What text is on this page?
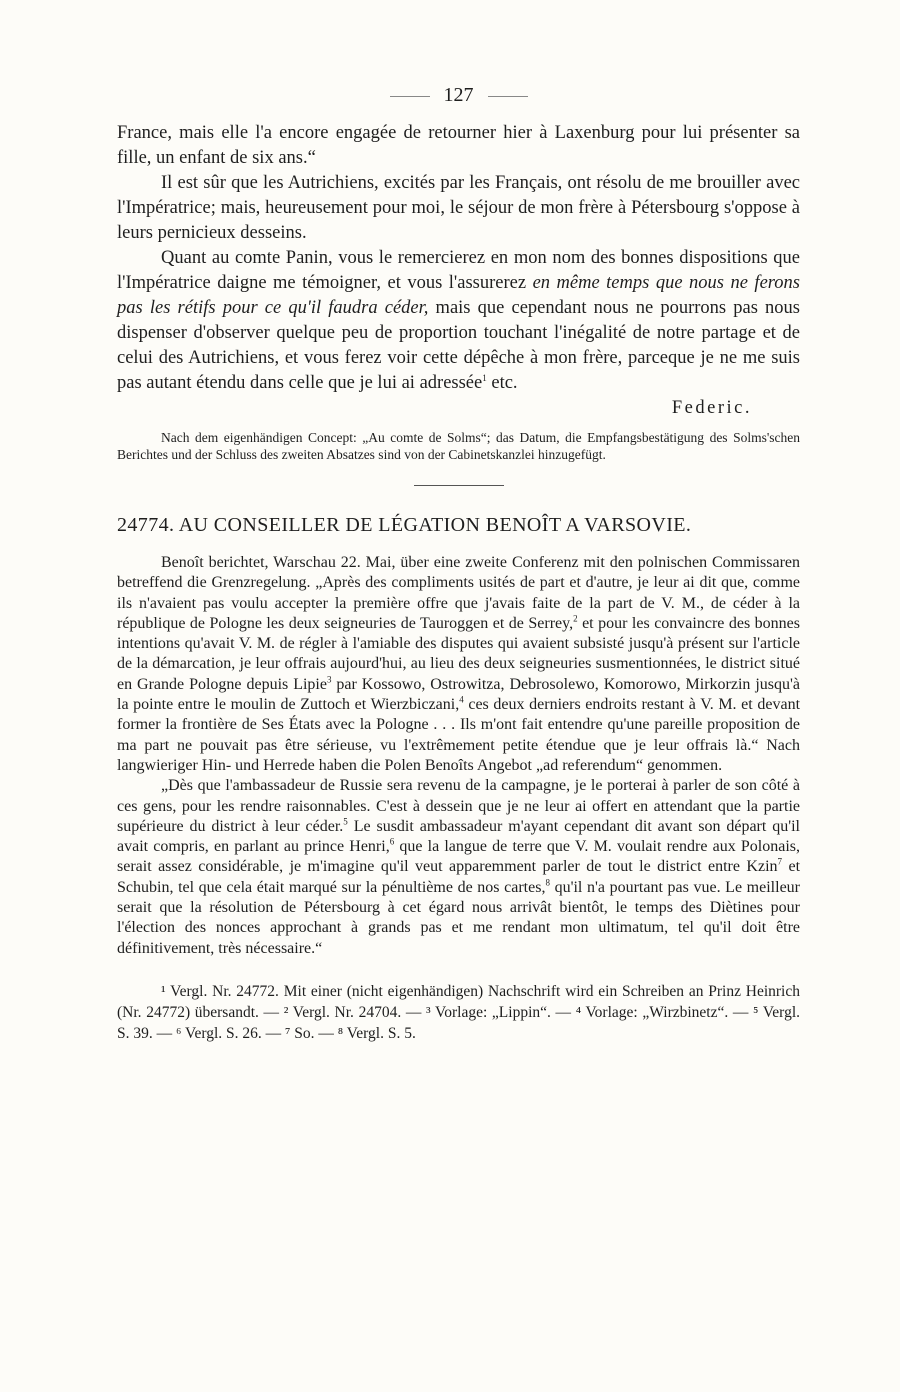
127

France, mais elle l'a encore engagée de retourner hier à Laxenburg pour lui présenter sa fille, un enfant de six ans.“

Il est sûr que les Autrichiens, excités par les Français, ont résolu de me brouiller avec l'Impératrice; mais, heureusement pour moi, le séjour de mon frère à Pétersbourg s'oppose à leurs pernicieux desseins.

Quant au comte Panin, vous le remercierez en mon nom des bonnes dispositions que l'Impératrice daigne me témoigner, et vous l'assurerez en même temps que nous ne ferons pas les rétifs pour ce qu'il faudra céder, mais que cependant nous ne pourrons pas nous dispenser d'observer quelque peu de proportion touchant l'inégalité de notre partage et de celui des Autrichiens, et vous ferez voir cette dépêche à mon frère, parceque je ne me suis pas autant étendu dans celle que je lui ai adressée$^1$ etc.

Federic.

Nach dem eigenhändigen Concept: „Au comte de Solms“; das Datum, die Empfangsbestätigung des Solms'schen Berichtes und der Schluss des zweiten Absatzes sind von der Cabinetskanzlei hinzugefügt.

24774. AU CONSEILLER DE LÉGATION BENOÎT A VARSOVIE.

Benoît berichtet, Warschau 22. Mai, über eine zweite Conferenz mit den polnischen Commissaren betreffend die Grenzregelung. „Après des compliments usités de part et d'autre, je leur ai dit que, comme ils n'avaient pas voulu accepter la première offre que j'avais faite de la part de V. M., de céder à la république de Pologne les deux seigneuries de Tauroggen et de Serrey,$^2$ et pour les convaincre des bonnes intentions qu'avait V. M. de régler à l'amiable des disputes qui avaient subsisté jusqu'à présent sur l'article de la démarcation, je leur offrais aujourd'hui, au lieu des deux seigneuries susmentionnées, le district situé en Grande Pologne depuis Lipie$^3$ par Kossowo, Ostrowitza, Debrosolewo, Komorowo, Mirkorzin jusqu'à la pointe entre le moulin de Zuttoch et Wierzbiczani,$^4$ ces deux derniers endroits restant à V. M. et devant former la frontière de Ses États avec la Pologne . . . Ils m'ont fait entendre qu'une pareille proposition de ma part ne pouvait pas être sérieuse, vu l'extrêmement petite étendue que je leur offrais là.“ Nach langwieriger Hin- und Herrede haben die Polen Benoîts Angebot „ad referendum“ genommen.

„Dès que l'ambassadeur de Russie sera revenu de la campagne, je le porterai à parler de son côté à ces gens, pour les rendre raisonnables. C'est à dessein que je ne leur ai offert en attendant que la partie supérieure du district à leur céder.$^5$ Le susdit ambassadeur m'ayant cependant dit avant son départ qu'il avait compris, en parlant au prince Henri,$^6$ que la langue de terre que V. M. voulait rendre aux Polonais, serait assez considérable, je m'imagine qu'il veut apparemment parler de tout le district entre Kzin$^7$ et Schubin, tel que cela était marqué sur la pénultième de nos cartes,$^8$ qu'il n'a pourtant pas vue. Le meilleur serait que la résolution de Pétersbourg à cet égard nous arrivât bientôt, le temps des Diètines pour l'élection des nonces approchant à grands pas et me rendant mon ultimatum, tel qu'il doit être définitivement, très nécessaire.“

¹ Vergl. Nr. 24772. Mit einer (nicht eigenhändigen) Nachschrift wird ein Schreiben an Prinz Heinrich (Nr. 24772) übersandt. — ² Vergl. Nr. 24704. — ³ Vorlage: „Lippin“. — ⁴ Vorlage: „Wirzbinetz“. — ⁵ Vergl. S. 39. — ⁶ Vergl. S. 26. — ⁷ So. — ⁸ Vergl. S. 5.
